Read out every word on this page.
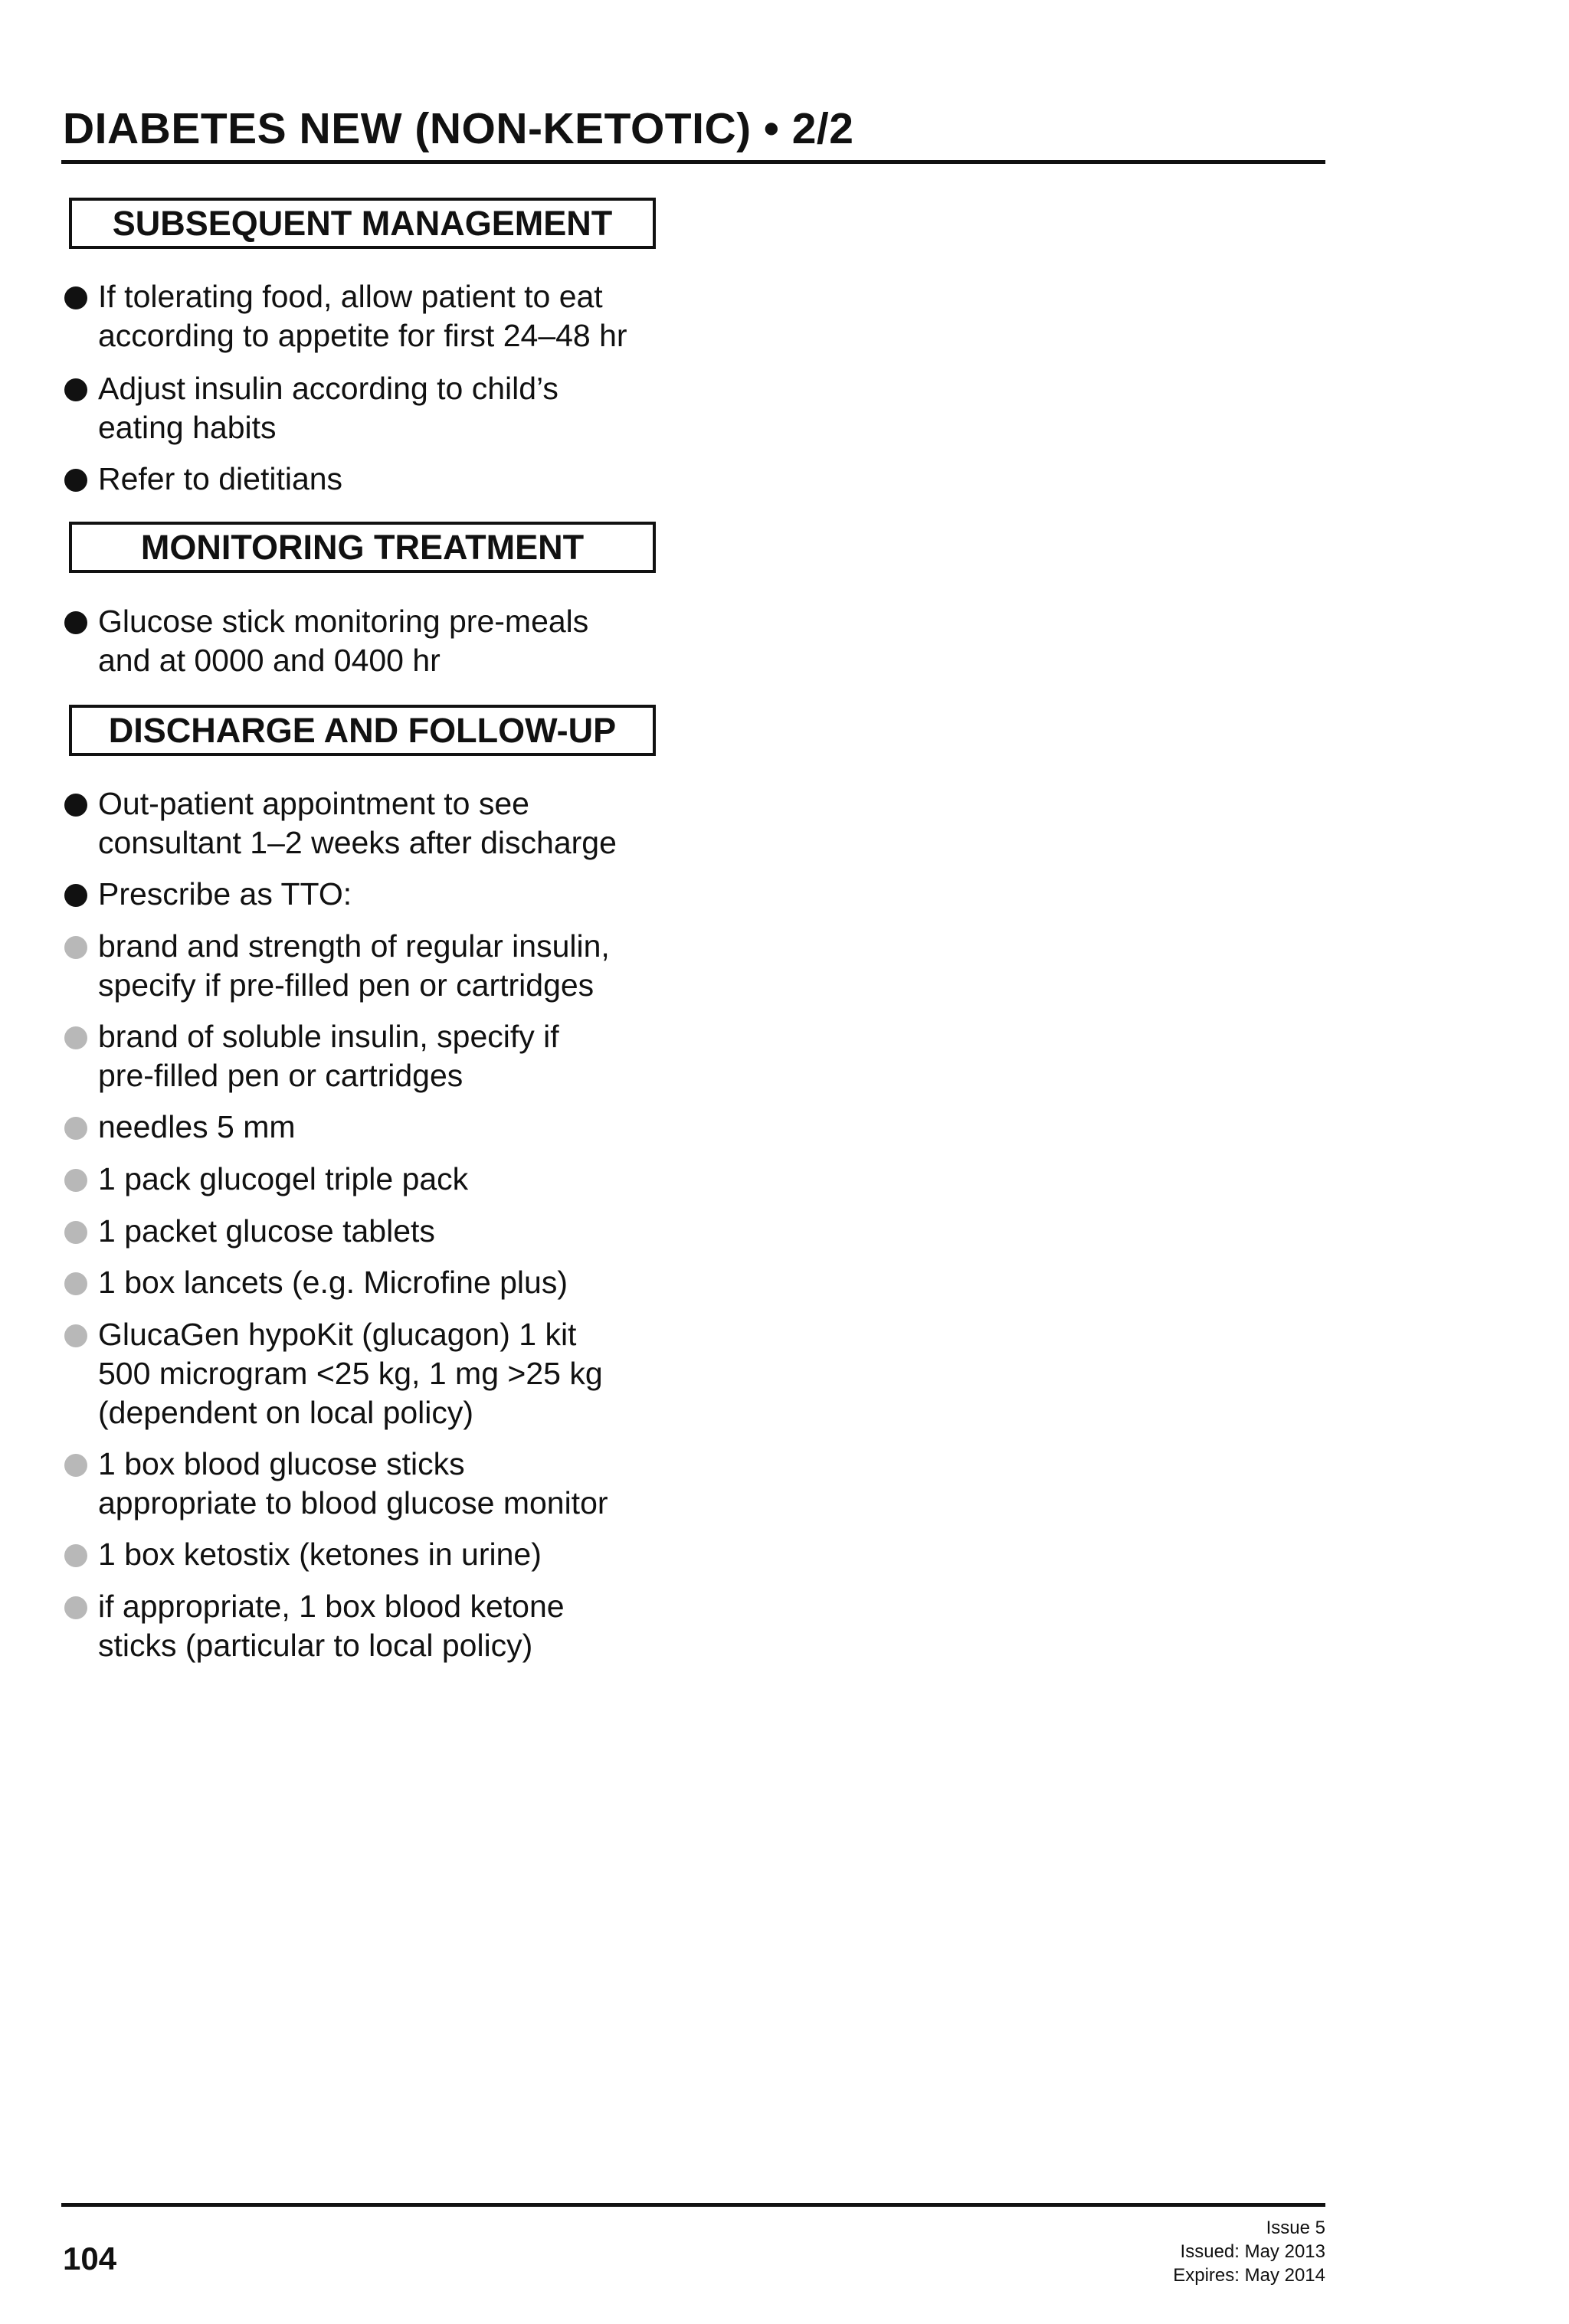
DIABETES NEW (NON-KETOTIC) • 2/2
SUBSEQUENT MANAGEMENT
If tolerating food, allow patient to eat
according to appetite for first 24–48 hr
Adjust insulin according to child’s
eating habits
Refer to dietitians
MONITORING TREATMENT
Glucose stick monitoring pre-meals
and at 0000 and 0400 hr
DISCHARGE AND FOLLOW-UP
Out-patient appointment to see
consultant 1–2 weeks after discharge
Prescribe as TTO:
brand and strength of regular insulin,
specify if pre-filled pen or cartridges
brand of soluble insulin, specify if
pre-filled pen or cartridges
needles 5 mm
1 pack glucogel triple pack
1 packet glucose tablets
1 box lancets (e.g. Microfine plus)
GlucaGen hypoKit (glucagon) 1 kit
500 microgram <25 kg, 1 mg >25 kg
(dependent on local policy)
1 box blood glucose sticks
appropriate to blood glucose monitor
1 box ketostix (ketones in urine)
if appropriate, 1 box blood ketone
sticks (particular to local policy)
104
Issue 5
Issued: May 2013
Expires: May 2014
